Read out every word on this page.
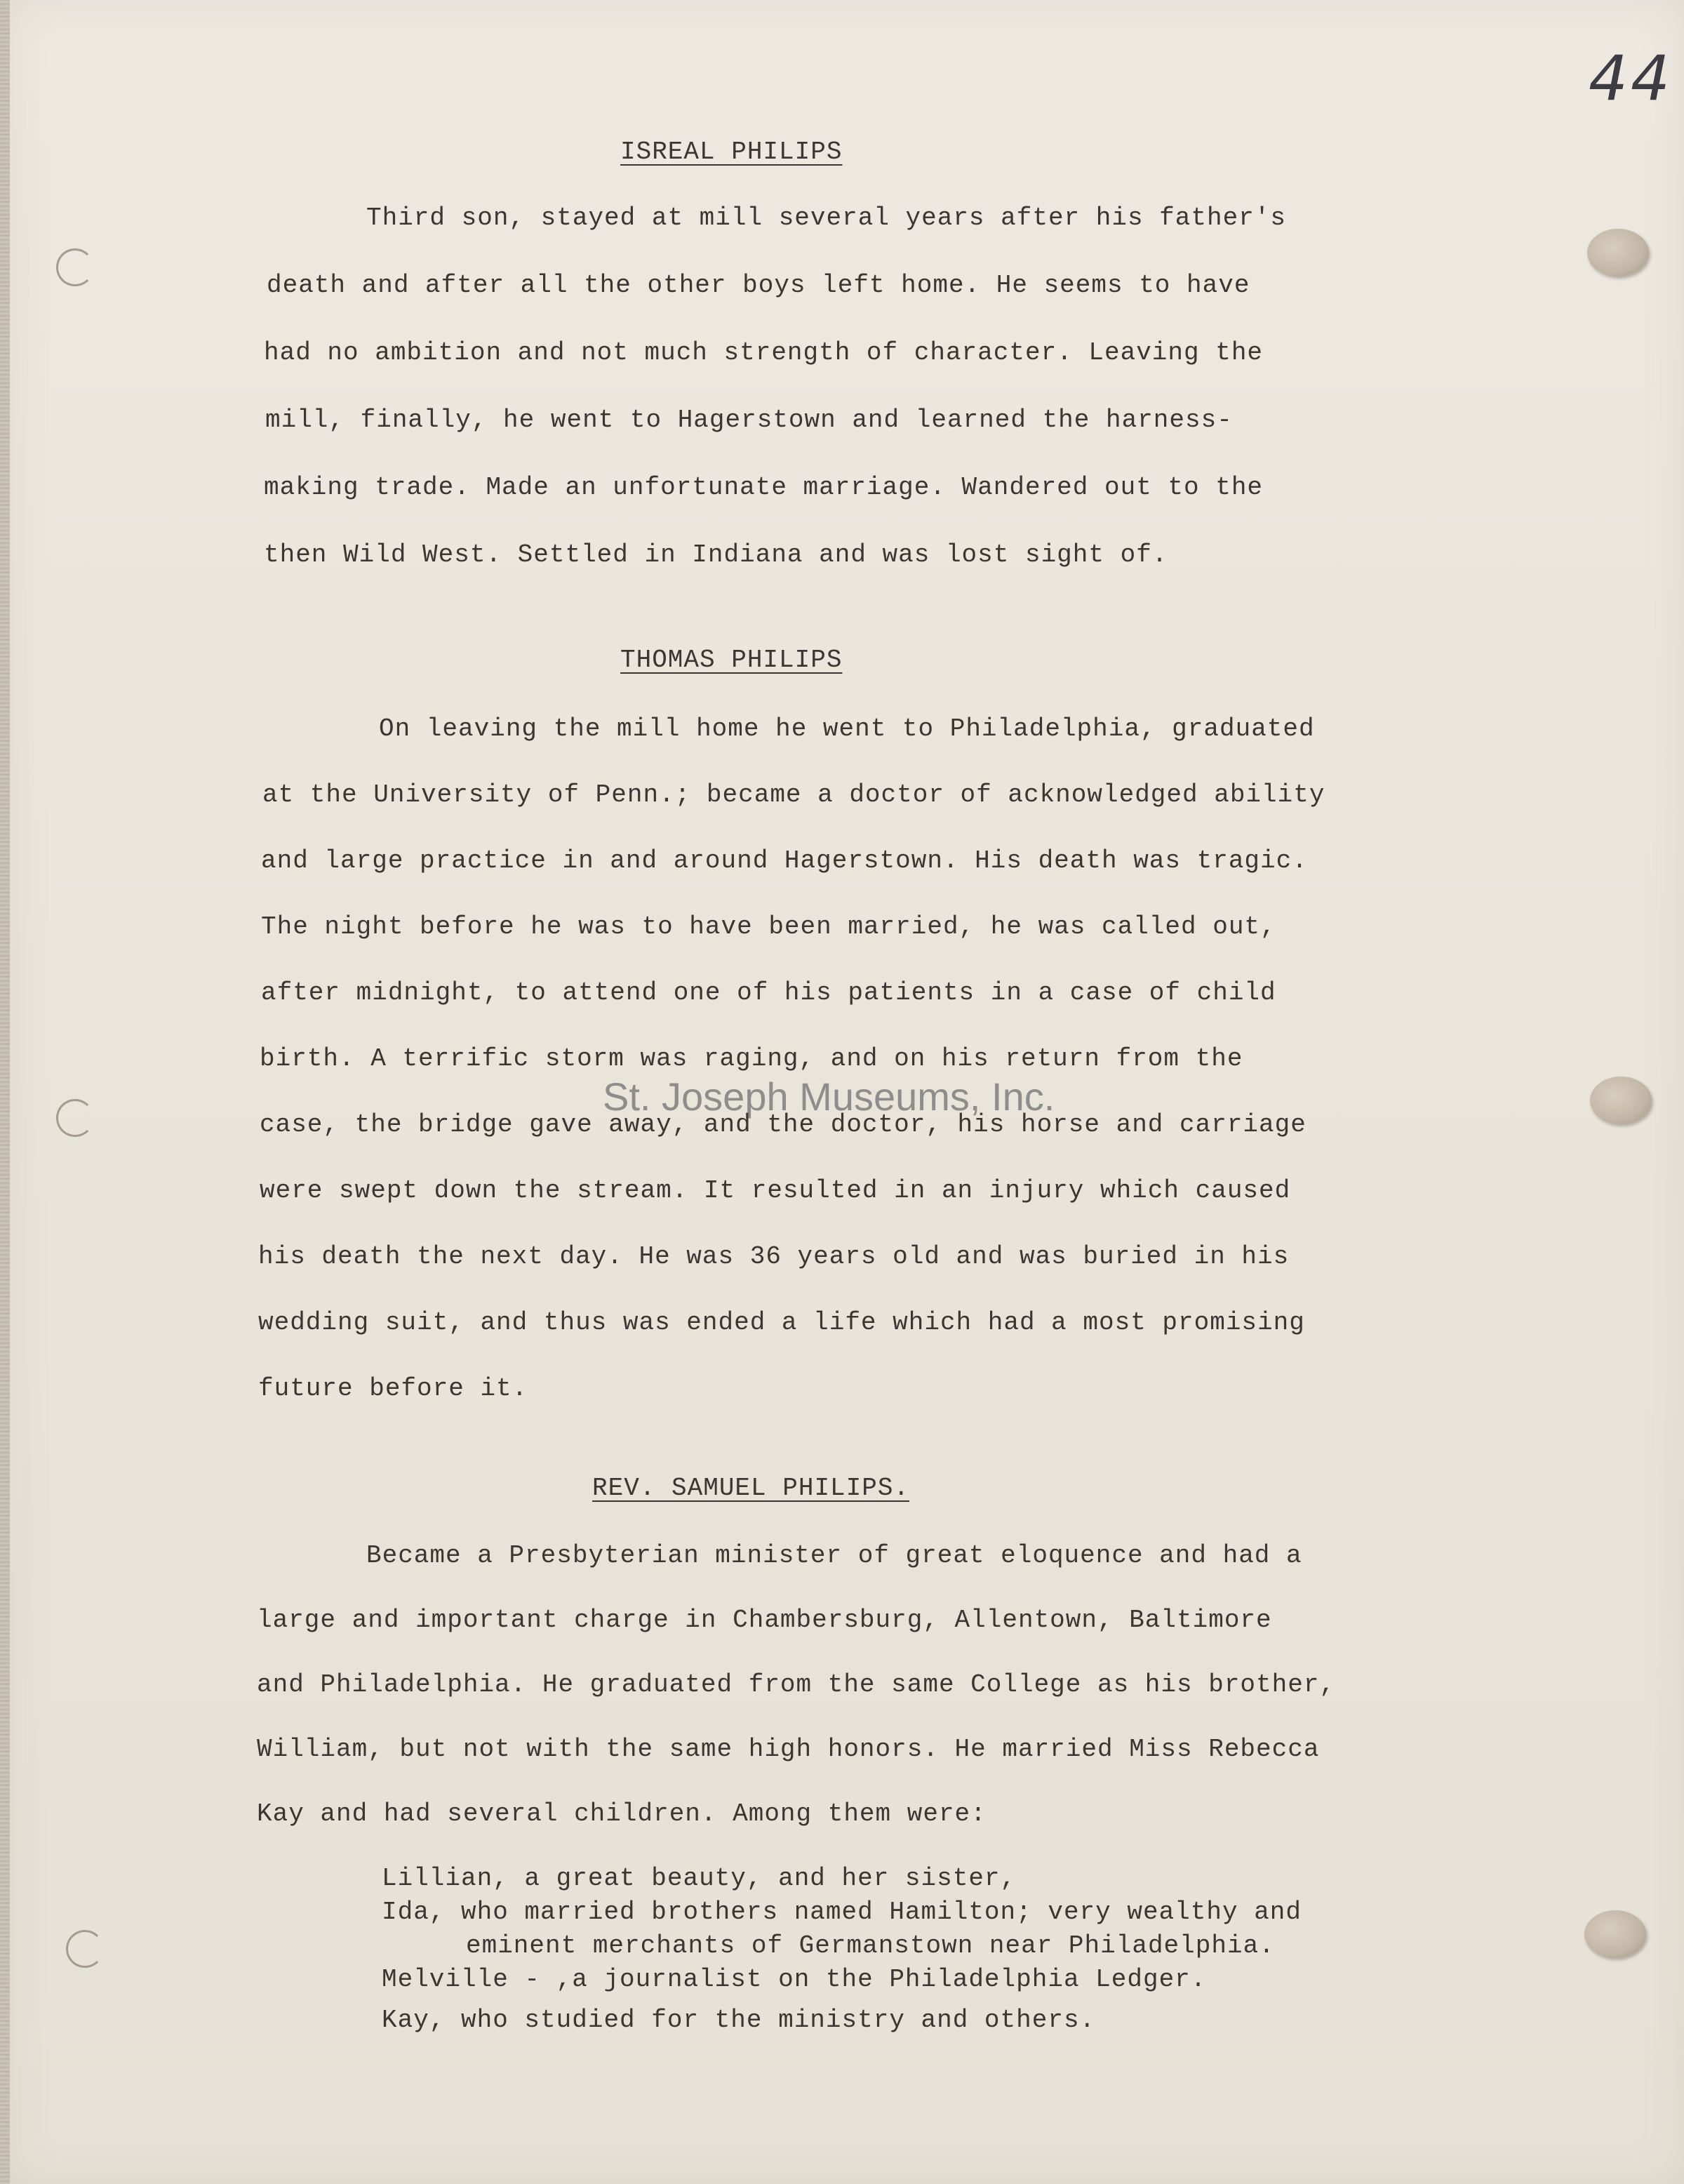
44

ISREAL PHILIPS

Third son, stayed at mill several years after his father's

death and after all the other boys left home. He seems to have

had no ambition and not much strength of character. Leaving the

mill, finally, he went to Hagerstown and learned the harness-

making trade. Made an unfortunate marriage. Wandered out to the

then Wild West. Settled in Indiana and was lost sight of.

THOMAS PHILIPS

On leaving the mill home he went to Philadelphia, graduated

at the University of Penn.; became a doctor of acknowledged ability

and large practice in and around Hagerstown. His death was tragic.

The night before he was to have been married, he was called out,

after midnight, to attend one of his patients in a case of child

birth. A terrific storm was raging, and on his return from the

case, the bridge gave away, and the doctor, his horse and carriage

were swept down the stream. It resulted in an injury which caused

his death the next day. He was 36 years old and was buried in his

wedding suit, and thus was ended a life which had a most promising

future before it.

REV. SAMUEL PHILIPS.

Became a Presbyterian minister of great eloquence and had a

large and important charge in Chambersburg, Allentown, Baltimore

and Philadelphia. He graduated from the same College as his brother,

William, but not with the same high honors. He married Miss Rebecca

Kay and had several children. Among them were:

Lillian, a great beauty, and her sister,

Ida, who married brothers named Hamilton; very wealthy and

eminent merchants of Germanstown near Philadelphia.

Melville - ,a journalist on the Philadelphia Ledger.

Kay, who studied for the ministry and others.

St. Joseph Museums, Inc.
